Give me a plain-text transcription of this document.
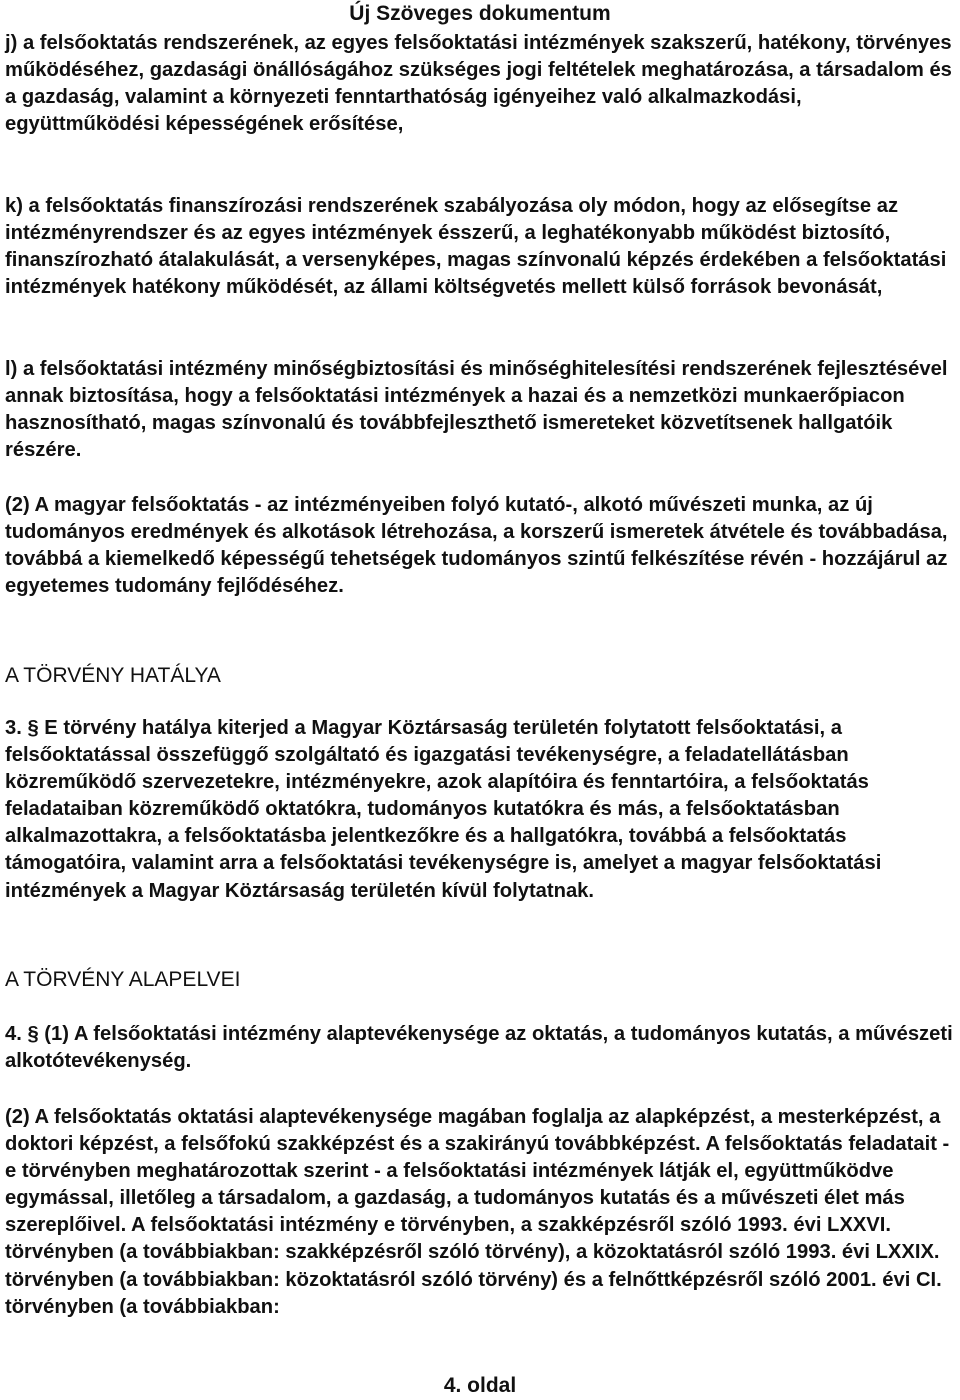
Új Szöveges dokumentum

j) a felsőoktatás rendszerének, az egyes felsőoktatási intézmények szakszerű, hatékony, törvényes működéséhez, gazdasági önállóságához szükséges jogi feltételek meghatározása, a társadalom és a gazdaság, valamint a környezeti fenntarthatóság igényeihez való alkalmazkodási, együttműködési képességének erősítése,

k) a felsőoktatás finanszírozási rendszerének szabályozása oly módon, hogy az elősegítse az intézményrendszer és az egyes intézmények ésszerű, a leghatékonyabb működést biztosító, finanszírozható átalakulását, a versenyképes, magas színvonalú képzés érdekében a felsőoktatási intézmények hatékony működését, az állami költségvetés mellett külső források bevonását,

l) a felsőoktatási intézmény minőségbiztosítási és minőséghitelesítési rendszerének fejlesztésével annak biztosítása, hogy a felsőoktatási intézmények a hazai és a nemzetközi munkaerőpiacon hasznosítható, magas színvonalú és továbbfejleszthető ismereteket közvetítsenek hallgatóik részére.

(2) A magyar felsőoktatás - az intézményeiben folyó kutató-, alkotó művészeti munka, az új tudományos eredmények és alkotások létrehozása, a korszerű ismeretek átvétele és továbbadása, továbbá a kiemelkedő képességű tehetségek tudományos szintű felkészítése révén - hozzájárul az egyetemes tudomány fejlődéséhez.

A TÖRVÉNY HATÁLYA

3. § E törvény hatálya kiterjed a Magyar Köztársaság területén folytatott felsőoktatási, a felsőoktatással összefüggő szolgáltató és igazgatási tevékenységre, a feladatellátásban közreműködő szervezetekre, intézményekre, azok alapítóira és fenntartóira, a felsőoktatás feladataiban közreműködő oktatókra, tudományos kutatókra és más, a felsőoktatásban alkalmazottakra, a felsőoktatásba jelentkezőkre és a hallgatókra, továbbá a felsőoktatás támogatóira, valamint arra a felsőoktatási tevékenységre is, amelyet a magyar felsőoktatási intézmények a Magyar Köztársaság területén kívül folytatnak.

A TÖRVÉNY ALAPELVEI

4. § (1) A felsőoktatási intézmény alaptevékenysége az oktatás, a tudományos kutatás, a művészeti alkotótevékenység.

(2) A felsőoktatás oktatási alaptevékenysége magában foglalja az alapképzést, a mesterképzést, a doktori képzést, a felsőfokú szakképzést és a szakirányú továbbképzést. A felsőoktatás feladatait - e törvényben meghatározottak szerint - a felsőoktatási intézmények látják el, együttműködve egymással, illetőleg a társadalom, a gazdaság, a tudományos kutatás és a művészeti élet más szereplőivel. A felsőoktatási intézmény e törvényben, a szakképzésről szóló 1993. évi LXXVI. törvényben (a továbbiakban: szakképzésről szóló törvény), a közoktatásról szóló 1993. évi LXXIX. törvényben (a továbbiakban: közoktatásról szóló törvény) és a felnőttképzésről szóló 2001. évi CI. törvényben (a továbbiakban:

4. oldal
